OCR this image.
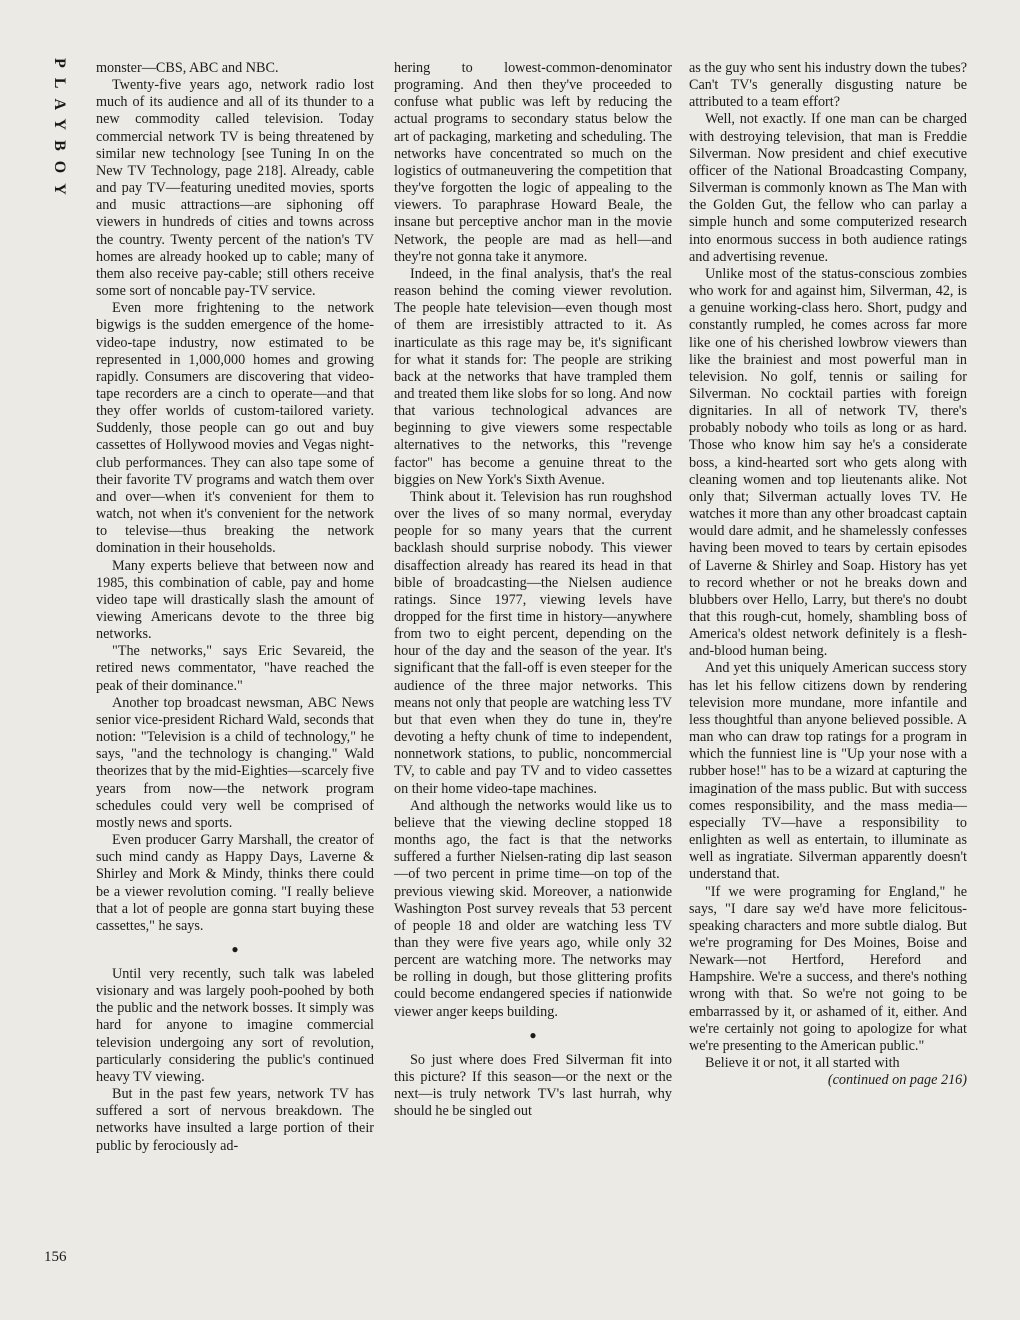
PLAYBOY
156

monster—CBS, ABC and NBC.

Twenty-five years ago, network radio lost much of its audience and all of its thunder to a new commodity called television. Today commercial network TV is being threatened by similar new technology [see Tuning In on the New TV Technology, page 218]. Already, cable and pay TV—featuring unedited movies, sports and music attractions—are siphoning off viewers in hundreds of cities and towns across the country. Twenty percent of the nation's TV homes are already hooked up to cable; many of them also receive pay-cable; still others receive some sort of noncable pay-TV service.

Even more frightening to the network bigwigs is the sudden emergence of the home-video-tape industry, now estimated to be represented in 1,000,000 homes and growing rapidly. Consumers are discovering that video-tape recorders are a cinch to operate—and that they offer worlds of custom-tailored variety. Suddenly, those people can go out and buy cassettes of Hollywood movies and Vegas night-club performances. They can also tape some of their favorite TV programs and watch them over and over—when it's convenient for them to watch, not when it's convenient for the network to televise—thus breaking the network domination in their households.

Many experts believe that between now and 1985, this combination of cable, pay and home video tape will drastically slash the amount of viewing Americans devote to the three big networks.

"The networks," says Eric Sevareid, the retired news commentator, "have reached the peak of their dominance."

Another top broadcast newsman, ABC News senior vice-president Richard Wald, seconds that notion: "Television is a child of technology," he says, "and the technology is changing." Wald theorizes that by the mid-Eighties—scarcely five years from now—the network program schedules could very well be comprised of mostly news and sports.

Even producer Garry Marshall, the creator of such mind candy as Happy Days, Laverne & Shirley and Mork & Mindy, thinks there could be a viewer revolution coming. "I really believe that a lot of people are gonna start buying these cassettes," he says.

●

Until very recently, such talk was labeled visionary and was largely pooh-poohed by both the public and the network bosses. It simply was hard for anyone to imagine commercial television undergoing any sort of revolution, particularly considering the public's continued heavy TV viewing.

But in the past few years, network TV has suffered a sort of nervous breakdown. The networks have insulted a large portion of their public by ferociously ad-

hering to lowest-common-denominator programing. And then they've proceeded to confuse what public was left by reducing the actual programs to secondary status below the art of packaging, marketing and scheduling. The networks have concentrated so much on the logistics of outmaneuvering the competition that they've forgotten the logic of appealing to the viewers. To paraphrase Howard Beale, the insane but perceptive anchor man in the movie Network, the people are mad as hell—and they're not gonna take it anymore.

Indeed, in the final analysis, that's the real reason behind the coming viewer revolution. The people hate television—even though most of them are irresistibly attracted to it. As inarticulate as this rage may be, it's significant for what it stands for: The people are striking back at the networks that have trampled them and treated them like slobs for so long. And now that various technological advances are beginning to give viewers some respectable alternatives to the networks, this "revenge factor" has become a genuine threat to the biggies on New York's Sixth Avenue.

Think about it. Television has run roughshod over the lives of so many normal, everyday people for so many years that the current backlash should surprise nobody. This viewer disaffection already has reared its head in that bible of broadcasting—the Nielsen audience ratings. Since 1977, viewing levels have dropped for the first time in history—anywhere from two to eight percent, depending on the hour of the day and the season of the year. It's significant that the fall-off is even steeper for the audience of the three major networks. This means not only that people are watching less TV but that even when they do tune in, they're devoting a hefty chunk of time to independent, nonnetwork stations, to public, noncommercial TV, to cable and pay TV and to video cassettes on their home video-tape machines.

And although the networks would like us to believe that the viewing decline stopped 18 months ago, the fact is that the networks suffered a further Nielsen-rating dip last season—of two percent in prime time—on top of the previous viewing skid. Moreover, a nationwide Washington Post survey reveals that 53 percent of people 18 and older are watching less TV than they were five years ago, while only 32 percent are watching more. The networks may be rolling in dough, but those glittering profits could become endangered species if nationwide viewer anger keeps building.

●

So just where does Fred Silverman fit into this picture? If this season—or the next or the next—is truly network TV's last hurrah, why should he be singled out

as the guy who sent his industry down the tubes? Can't TV's generally disgusting nature be attributed to a team effort?

Well, not exactly. If one man can be charged with destroying television, that man is Freddie Silverman. Now president and chief executive officer of the National Broadcasting Company, Silverman is commonly known as The Man with the Golden Gut, the fellow who can parlay a simple hunch and some computerized research into enormous success in both audience ratings and advertising revenue.

Unlike most of the status-conscious zombies who work for and against him, Silverman, 42, is a genuine working-class hero. Short, pudgy and constantly rumpled, he comes across far more like one of his cherished lowbrow viewers than like the brainiest and most powerful man in television. No golf, tennis or sailing for Silverman. No cocktail parties with foreign dignitaries. In all of network TV, there's probably nobody who toils as long or as hard. Those who know him say he's a considerate boss, a kind-hearted sort who gets along with cleaning women and top lieutenants alike. Not only that; Silverman actually loves TV. He watches it more than any other broadcast captain would dare admit, and he shamelessly confesses having been moved to tears by certain episodes of Laverne & Shirley and Soap. History has yet to record whether or not he breaks down and blubbers over Hello, Larry, but there's no doubt that this rough-cut, homely, shambling boss of America's oldest network definitely is a flesh-and-blood human being.

And yet this uniquely American success story has let his fellow citizens down by rendering television more mundane, more infantile and less thoughtful than anyone believed possible. A man who can draw top ratings for a program in which the funniest line is "Up your nose with a rubber hose!" has to be a wizard at capturing the imagination of the mass public. But with success comes responsibility, and the mass media—especially TV—have a responsibility to enlighten as well as entertain, to illuminate as well as ingratiate. Silverman apparently doesn't understand that.

"If we were programing for England," he says, "I dare say we'd have more felicitous-speaking characters and more subtle dialog. But we're programing for Des Moines, Boise and Newark—not Hertford, Hereford and Hampshire. We're a success, and there's nothing wrong with that. So we're not going to be embarrassed by it, or ashamed of it, either. And we're certainly not going to apologize for what we're presenting to the American public."

Believe it or not, it all started with

(continued on page 216)
